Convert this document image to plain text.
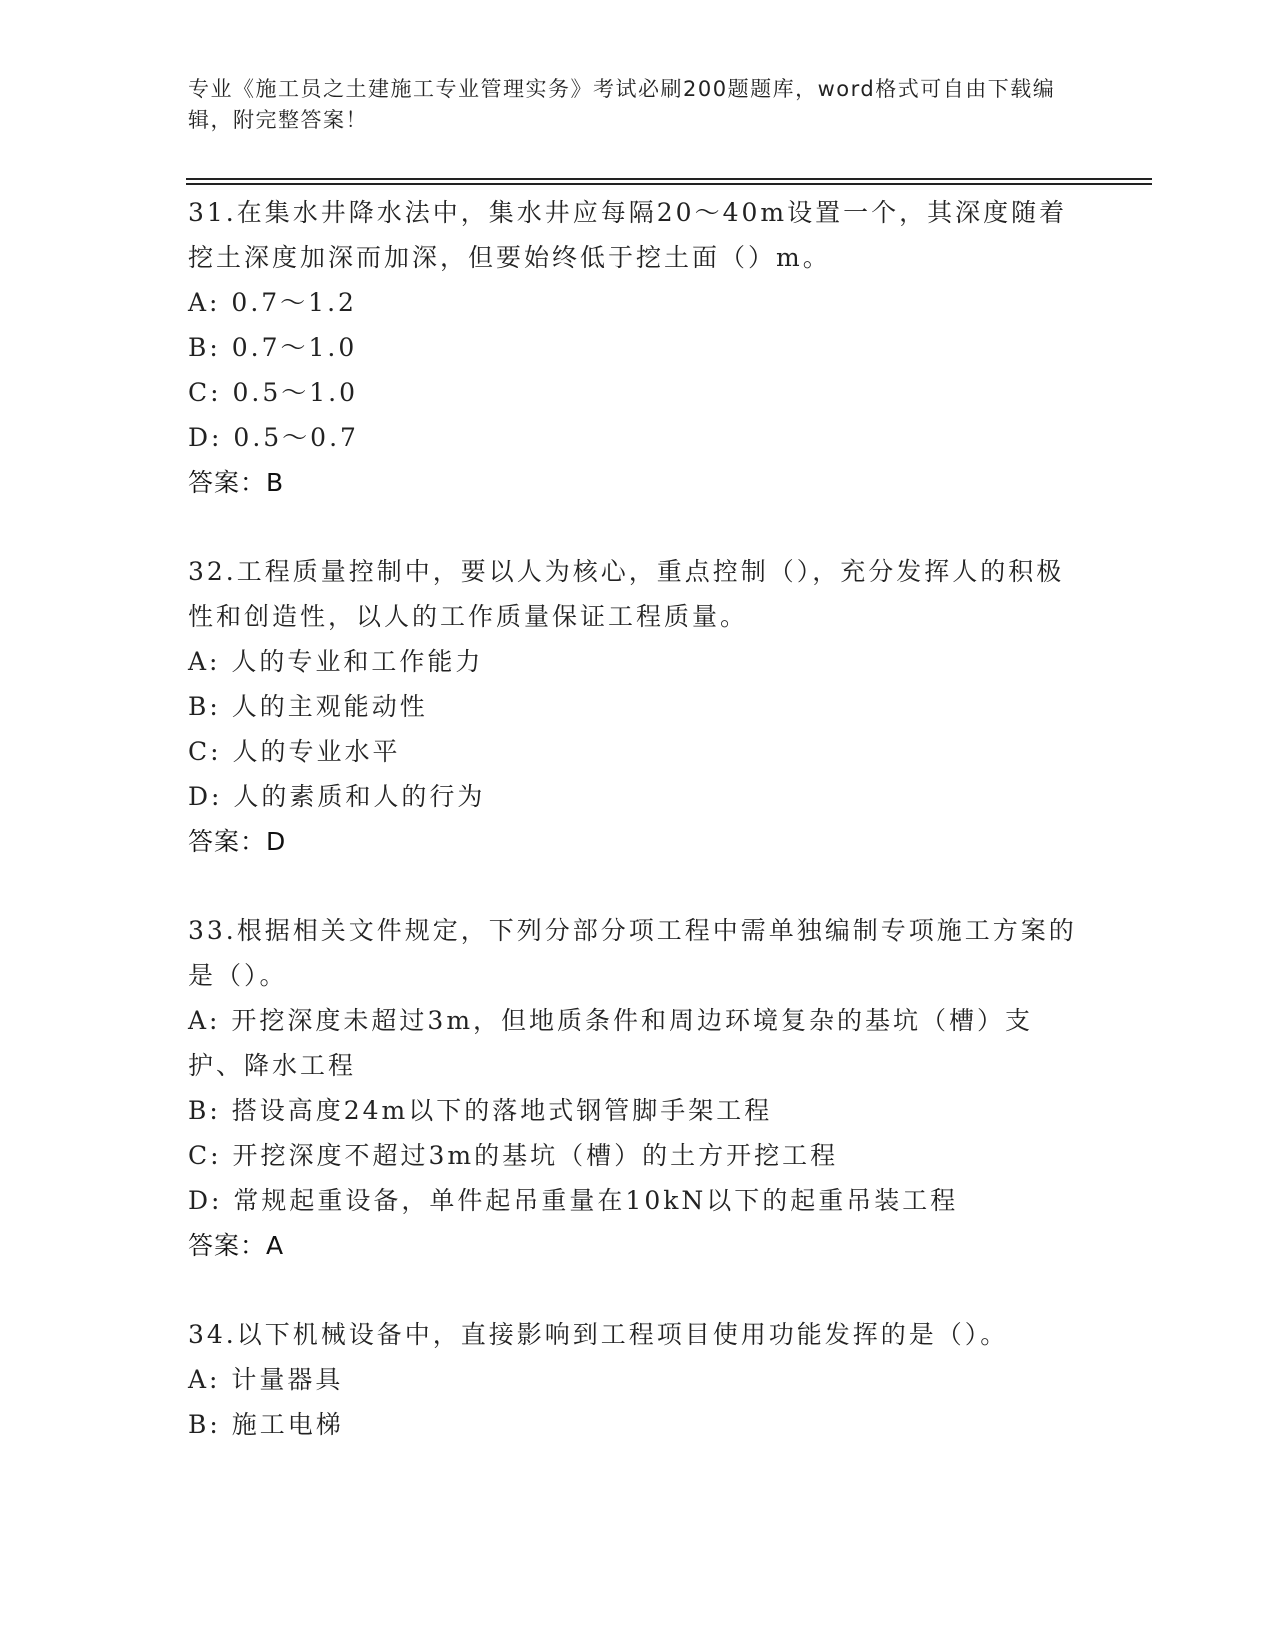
专业《施工员之土建施工专业管理实务》考试必刷200题题库，word格式可自由下载编辑，附完整答案！

31.在集水井降水法中，集水井应每隔20～40m设置一个，其深度随着挖土深度加深而加深，但要始终低于挖土面（）m。

A: 0.7～1.2

B: 0.7～1.0

C: 0.5～1.0

D: 0.5～0.7

答案：B

32.工程质量控制中，要以人为核心，重点控制（），充分发挥人的积极性和创造性，以人的工作质量保证工程质量。

A: 人的专业和工作能力

B: 人的主观能动性

C: 人的专业水平

D: 人的素质和人的行为

答案：D

33.根据相关文件规定，下列分部分项工程中需单独编制专项施工方案的是（）。

A: 开挖深度未超过3m，但地质条件和周边环境复杂的基坑（槽）支护、降水工程

B: 搭设高度24m以下的落地式钢管脚手架工程

C: 开挖深度不超过3m的基坑（槽）的土方开挖工程

D: 常规起重设备，单件起吊重量在10kN以下的起重吊装工程

答案：A

34.以下机械设备中，直接影响到工程项目使用功能发挥的是（）。

A: 计量器具

B: 施工电梯
